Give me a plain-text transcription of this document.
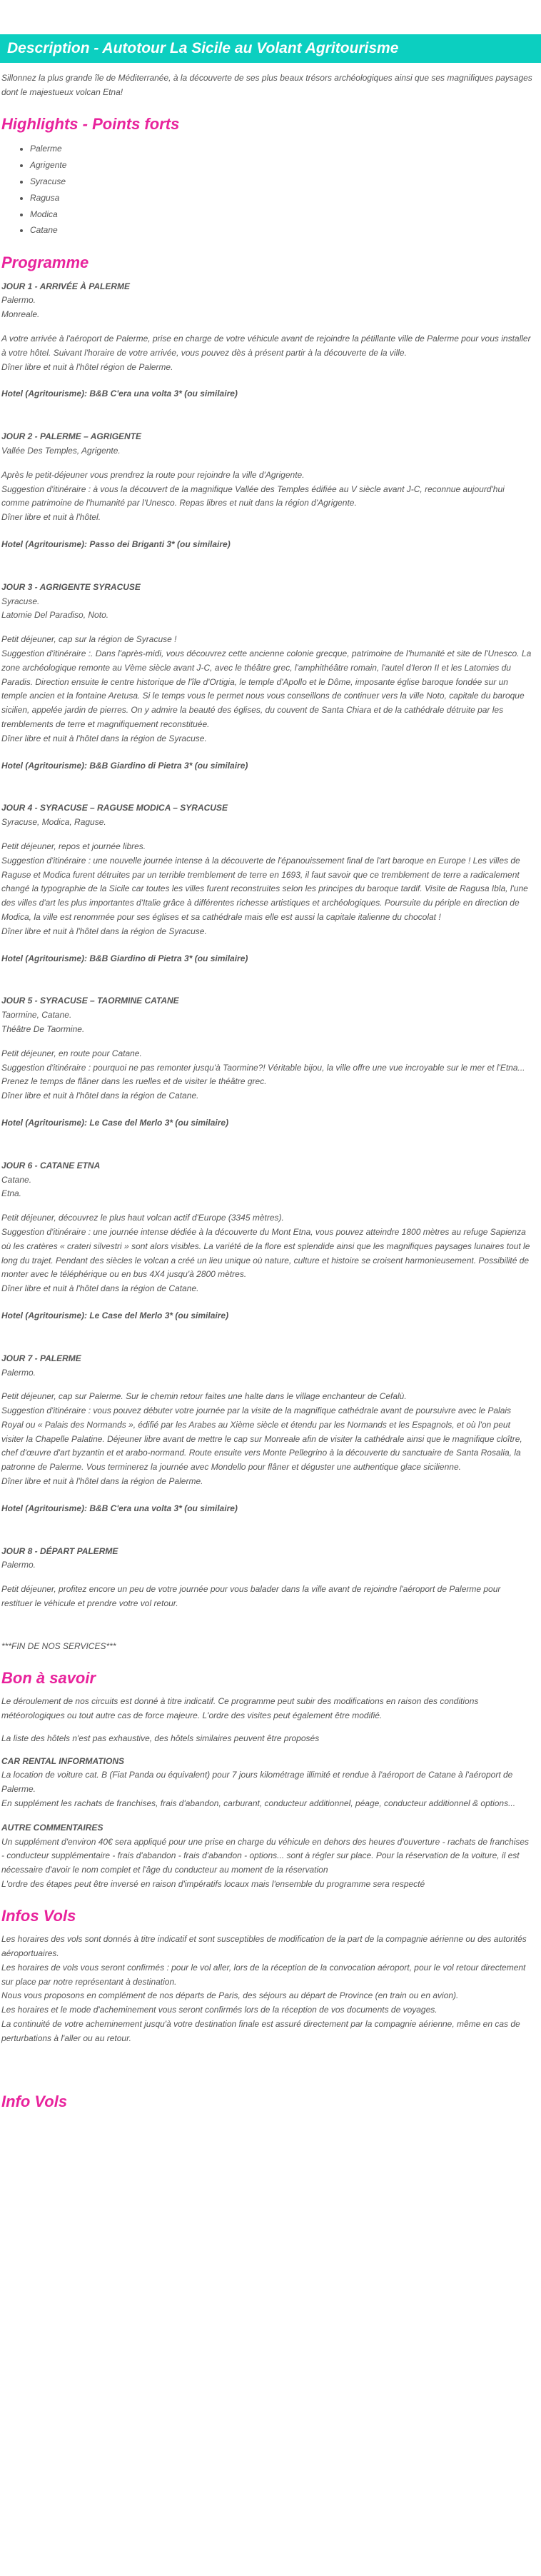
Description - Autotour La Sicile au Volant Agritourisme

Sillonnez la plus grande île de Méditerranée, à la découverte de ses plus beaux trésors archéologiques ainsi que ses magnifiques paysages dont le majestueux volcan Etna!

Highlights - Points forts
• Palerme
• Agrigente
• Syracuse
• Ragusa
• Modica
• Catane
Programme
JOUR 1 - ARRIVÉE À PALERME
Palermo.
Monreale.
A votre arrivée à l'aéroport de Palerme, prise en charge de votre véhicule avant de rejoindre la pétillante ville de Palerme pour vous installer à votre hôtel. Suivant l'horaire de votre arrivée, vous pouvez dès à présent partir à la découverte de la ville.
Dîner libre et nuit à l'hôtel région de Palerme.
Hotel (Agritourisme): B&B C'era una volta 3* (ou similaire)
JOUR 2 - PALERME – AGRIGENTE
Vallée Des Temples, Agrigente.
Après le petit-déjeuner vous prendrez la route pour rejoindre la ville d'Agrigente.
Suggestion d'itinéraire : à vous la découvert de la magnifique Vallée des Temples édifiée au V siècle avant J-C, reconnue aujourd'hui comme patrimoine de l'humanité par l'Unesco. Repas libres et nuit dans la région d'Agrigente.
Dîner libre et nuit à l'hôtel.
Hotel (Agritourisme): Passo dei Briganti 3* (ou similaire)
JOUR 3 - AGRIGENTE SYRACUSE
Syracuse.
Latomie Del Paradiso, Noto.
Petit déjeuner, cap sur la région de Syracuse !
Suggestion d'itinéraire :. Dans l'après-midi, vous découvrez cette ancienne colonie grecque, patrimoine de l'humanité et site de l'Unesco. La zone archéologique remonte au Vème siècle avant J-C, avec le théâtre grec, l'amphithéâtre romain, l'autel d'Ieron II et les Latomies du Paradis. Direction ensuite le centre historique de l'île d'Ortigia, le temple d'Apollo et le Dôme, imposante église baroque fondée sur un temple ancien et la fontaine Aretusa. Si le temps vous le permet nous vous conseillons de continuer vers la ville Noto, capitale du baroque sicilien, appelée jardin de pierres. On y admire la beauté des églises, du couvent de Santa Chiara et de la cathédrale détruite par les tremblements de terre et magnifiquement reconstituée.
Dîner libre et nuit à l'hôtel dans la région de Syracuse.
Hotel (Agritourisme): B&B Giardino di Pietra 3* (ou similaire)
JOUR 4 - SYRACUSE – RAGUSE MODICA – SYRACUSE
Syracuse, Modica, Raguse.
Petit déjeuner, repos et journée libres.
Suggestion d'itinéraire : une nouvelle journée intense à la découverte de l'épanouissement final de l'art baroque en Europe ! Les villes de Raguse et Modica furent détruites par un terrible tremblement de terre en 1693, il faut savoir que ce tremblement de terre a radicalement changé la typographie de la Sicile car toutes les villes furent reconstruites selon les principes du baroque tardif. Visite de Ragusa Ibla, l'une des villes d'art les plus importantes d'Italie grâce à différentes richesse artistiques et archéologiques. Poursuite du périple en direction de Modica, la ville est renommée pour ses églises et sa cathédrale mais elle est aussi la capitale italienne du chocolat !
Dîner libre et nuit à l'hôtel dans la région de Syracuse.
Hotel (Agritourisme): B&B Giardino di Pietra 3* (ou similaire)
JOUR 5 - SYRACUSE – TAORMINE CATANE
Taormine, Catane.
Théâtre De Taormine.
Petit déjeuner, en route pour Catane.
Suggestion d'itinéraire : pourquoi ne pas remonter jusqu'à Taormine?! Véritable bijou, la ville offre une vue incroyable sur le mer et l'Etna... Prenez le temps de flâner dans les ruelles et de visiter le théâtre grec.
Dîner libre et nuit à l'hôtel dans la région de Catane.
Hotel (Agritourisme): Le Case del Merlo 3* (ou similaire)
JOUR 6 - CATANE ETNA
Catane.
Etna.
Petit déjeuner, découvrez le plus haut volcan actif d'Europe (3345 mètres).
Suggestion d'itinéraire : une journée intense dédiée à la découverte du Mont Etna, vous pouvez atteindre 1800 mètres au refuge Sapienza où les cratères « crateri silvestri » sont alors visibles. La variété de la flore est splendide ainsi que les magnifiques paysages lunaires tout le long du trajet. Pendant des siècles le volcan a créé un lieu unique où nature, culture et histoire se croisent harmonieusement. Possibilité de monter avec le téléphérique ou en bus 4X4 jusqu'à 2800 mètres.
Dîner libre et nuit à l'hôtel dans la région de Catane.
Hotel (Agritourisme): Le Case del Merlo 3* (ou similaire)
JOUR 7 - PALERME
Palermo.
Petit déjeuner, cap sur Palerme. Sur le chemin retour faites une halte dans le village enchanteur de Cefalù.
Suggestion d'itinéraire : vous pouvez débuter votre journée par la visite de la magnifique cathédrale avant de poursuivre avec le Palais Royal ou « Palais des Normands », édifié par les Arabes au Xième siècle et étendu par les Normands et les Espagnols, et où l'on peut visiter la Chapelle Palatine. Déjeuner libre avant de mettre le cap sur Monreale afin de visiter la cathédrale ainsi que le magnifique cloître, chef d'œuvre d'art byzantin et et arabo-normand. Route ensuite vers Monte Pellegrino à la découverte du sanctuaire de Santa Rosalia, la patronne de Palerme. Vous terminerez la journée avec Mondello pour flâner et déguster une authentique glace sicilienne.
Dîner libre et nuit à l'hôtel dans la région de Palerme.
Hotel (Agritourisme): B&B C'era una volta 3* (ou similaire)
JOUR 8 - DÉPART PALERME
Palermo.
Petit déjeuner, profitez encore un peu de votre journée pour vous balader dans la ville avant de rejoindre l'aéroport de Palerme pour restituer le véhicule et prendre votre vol retour.

***FIN DE NOS SERVICES***

Bon à savoir

Le déroulement de nos circuits est donné à titre indicatif. Ce programme peut subir des modifications en raison des conditions météorologiques ou tout autre cas de force majeure. L'ordre des visites peut également être modifié.

La liste des hôtels n'est pas exhaustive, des hôtels similaires peuvent être proposés

CAR RENTAL INFORMATIONS
La location de voiture cat. B (Fiat Panda ou équivalent) pour 7 jours kilométrage illimité et rendue à l'aéroport de Catane à l'aéroport de Palerme.
En supplément les rachats de franchises, frais d'abandon, carburant, conducteur additionnel, péage, conducteur additionnel & options...
AUTRE COMMENTAIRES
Un supplément d'environ 40€ sera appliqué pour une prise en charge du véhicule en dehors des heures d'ouverture - rachats de franchises - conducteur supplémentaire - frais d'abandon - frais d'abandon - options... sont à régler sur place. Pour la réservation de la voiture, il est nécessaire d'avoir le nom complet et l'âge du conducteur au moment de la réservation
L'ordre des étapes peut être inversé en raison d'impératifs locaux mais l'ensemble du programme sera respecté
Infos Vols
Les horaires des vols sont donnés à titre indicatif et sont susceptibles de modification de la part de la compagnie aérienne ou des autorités aéroportuaires.
Les horaires de vols vous seront confirmés : pour le vol aller, lors de la réception de la convocation aéroport, pour le vol retour directement sur place par notre représentant à destination.
Nous vous proposons en complément de nos départs de Paris, des séjours au départ de Province (en train ou en avion).
Les horaires et le mode d'acheminement vous seront confirmés lors de la réception de vos documents de voyages.
La continuité de votre acheminement jusqu'à votre destination finale est assuré directement par la compagnie aérienne, même en cas de perturbations à l'aller ou au retour.
Info Vols
